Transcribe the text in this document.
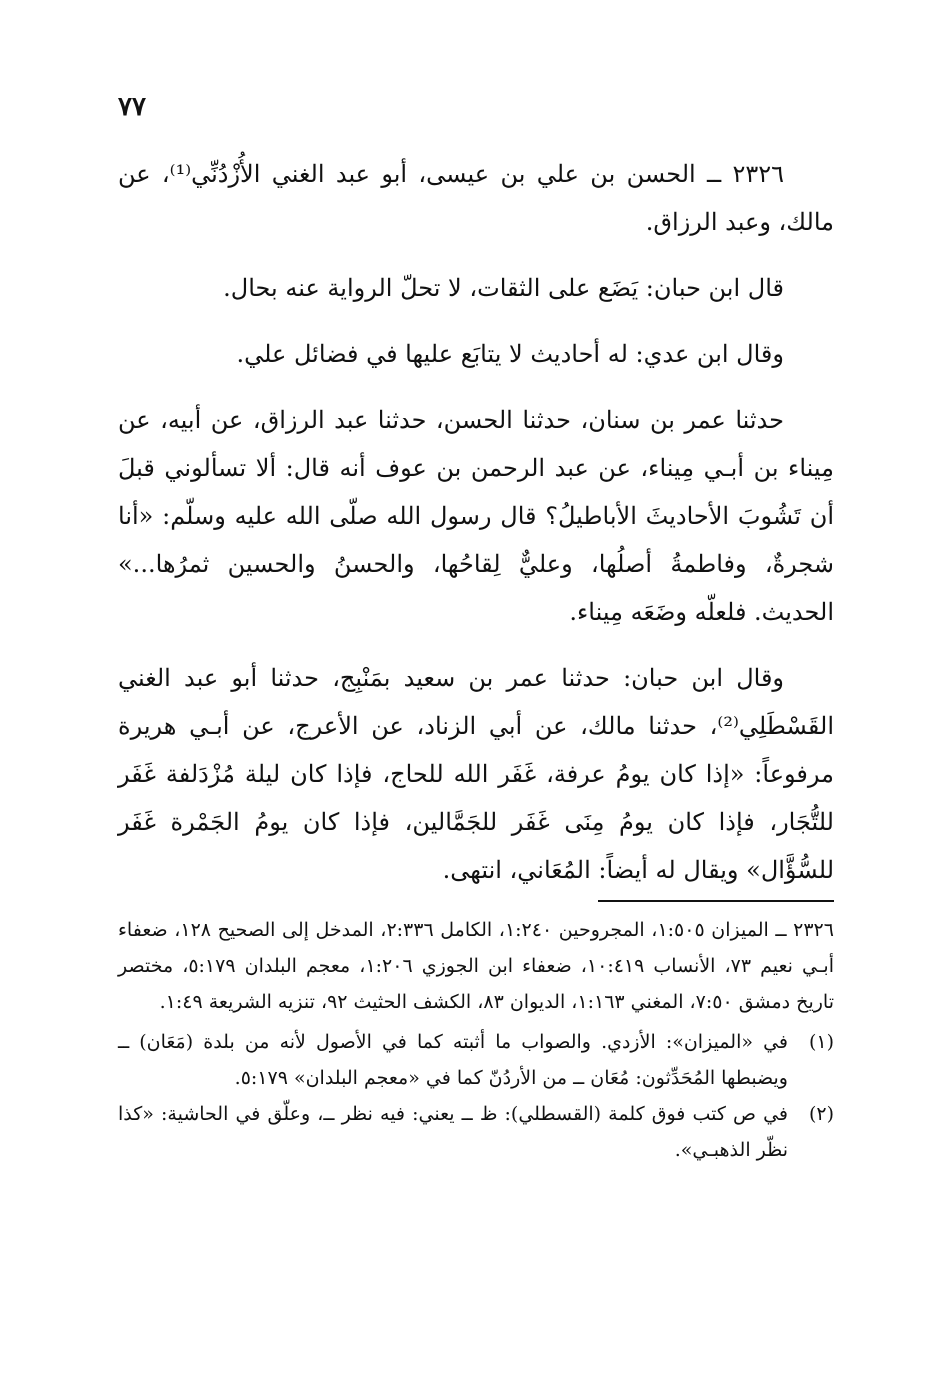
٧٧

٢٣٢٦ ــ الحسن بن علي بن عيسى، أبو عبد الغني الأُزْدُنِّي⁽¹⁾، عن مالك، وعبد الرزاق.

قال ابن حبان: يَضَع على الثقات، لا تحلّ الرواية عنه بحال.

وقال ابن عدي: له أحاديث لا يتابَع عليها في فضائل علي.

حدثنا عمر بن سنان، حدثنا الحسن، حدثنا عبد الرزاق، عن أبيه، عن مِيناء بن أبـي مِيناء، عن عبد الرحمن بن عوف أنه قال: ألا تسألوني قبلَ أن تَشُوبَ الأحاديثَ الأباطيلُ؟ قال رسول الله صلّى الله عليه وسلّم: «أنا شجرةٌ، وفاطمةُ أصلُها، وعليٌّ لِقاحُها، والحسنُ والحسين ثمرُها...» الحديث. فلعلّه وضَعَه مِيناء.

وقال ابن حبان: حدثنا عمر بن سعيد بمَنْبِج، حدثنا أبو عبد الغني القَسْطَلِي⁽²⁾، حدثنا مالك، عن أبي الزناد، عن الأعرج، عن أبـي هريرة مرفوعاً: «إذا كان يومُ عرفة، غَفَر الله للحاج، فإذا كان ليلة مُزْدَلفة غَفَر للتُّجَار، فإذا كان يومُ مِنَى غَفَر للجَمَّالين، فإذا كان يومُ الجَمْرة غَفَر للسُّؤَّال» ويقال له أيضاً: المُعَاني، انتهى.

٢٣٢٦ ــ الميزان ١:٥٠٥، المجروحين ١:٢٤٠، الكامل ٢:٣٣٦، المدخل إلى الصحيح ١٢٨، ضعفاء أبـي نعيم ٧٣، الأنساب ١٠:٤١٩، ضعفاء ابن الجوزي ١:٢٠٦، معجم البلدان ٥:١٧٩، مختصر تاريخ دمشق ٧:٥٠، المغني ١:١٦٣، الديوان ٨٣، الكشف الحثيث ٩٢، تنزيه الشريعة ١:٤٩.

(١)
في «الميزان»: الأزدي. والصواب ما أثبته كما في الأصول لأنه من بلدة (مَعَان) ــ ويضبطها المُحَدِّثون: مُعَان ــ من الأردُنّ كما في «معجم البلدان» ٥:١٧٩.
(٢)
في ص كتب فوق كلمة (القسطلي): ظ ــ يعني: فيه نظر ــ، وعلّق في الحاشية: «كذا نظّر الذهبـي».
